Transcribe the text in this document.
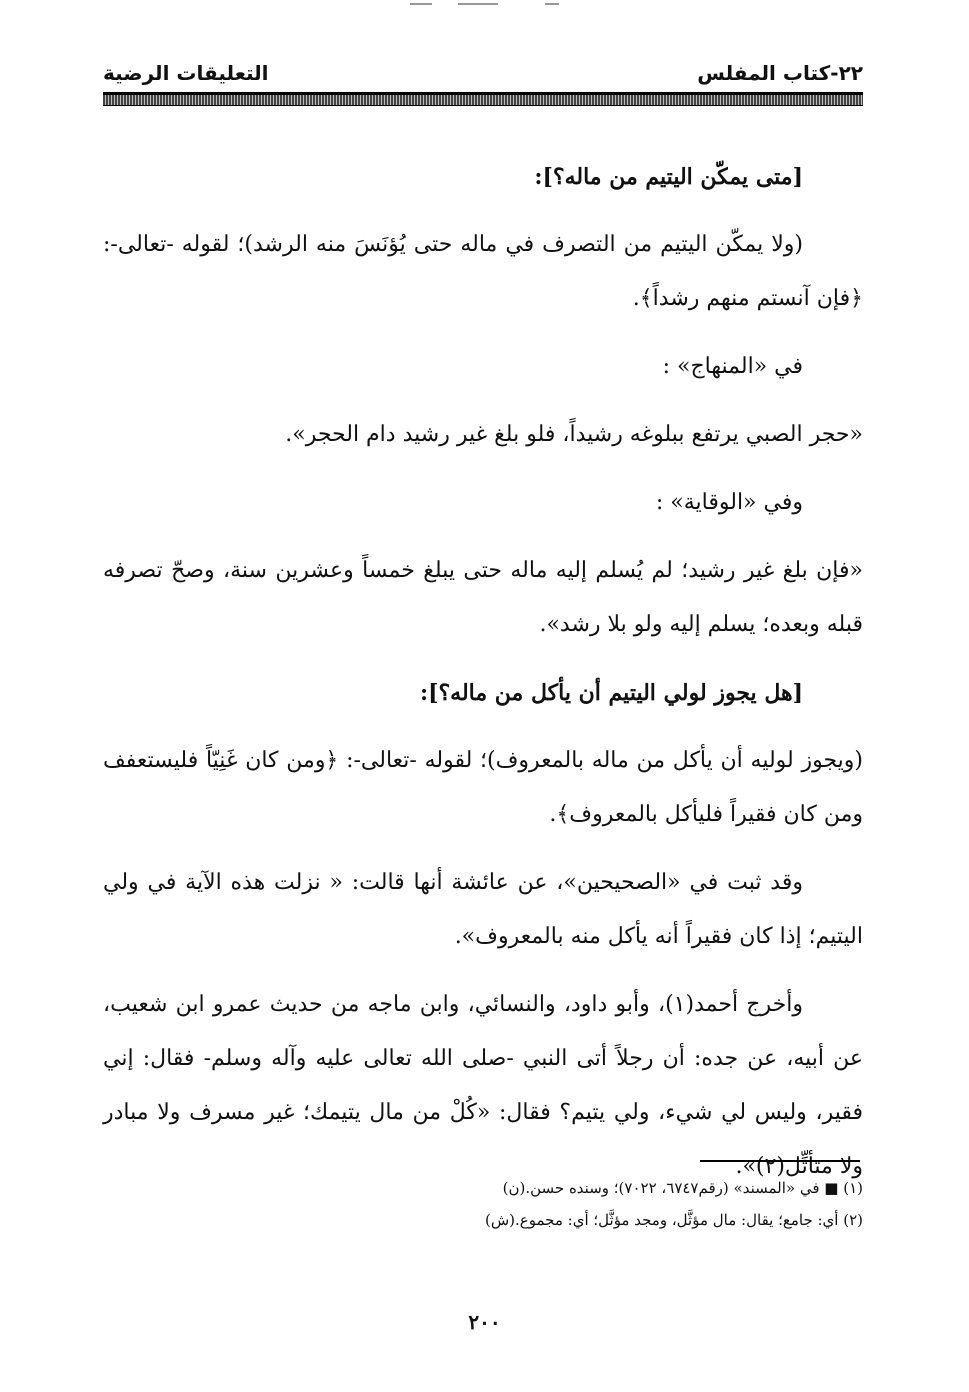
٢٢-كتاب المفلس
التعليقات الرضية

[متى يمكّن اليتيم من ماله؟]:

(ولا يمكّن اليتيم من التصرف في ماله حتى يُؤنَسَ منه الرشد)؛ لقوله -تعالى-: ﴿فإن آنستم منهم رشداً﴾.

في «المنهاج» :

«حجر الصبي يرتفع ببلوغه رشيداً، فلو بلغ غير رشيد دام الحجر».

وفي «الوقاية» :

«فإن بلغ غير رشيد؛ لم يُسلم إليه ماله حتى يبلغ خمساً وعشرين سنة، وصحّ تصرفه قبله وبعده؛ يسلم إليه ولو بلا رشد».

[هل يجوز لولي اليتيم أن يأكل من ماله؟]:

(ويجوز لوليه أن يأكل من ماله بالمعروف)؛ لقوله -تعالى-: ﴿ومن كان غَنِيّاً فليستعفف ومن كان فقيراً فليأكل بالمعروف﴾.

وقد ثبت في «الصحيحين»، عن عائشة أنها قالت: « نزلت هذه الآية في ولي اليتيم؛ إذا كان فقيراً أنه يأكل منه بالمعروف».

وأخرج أحمد(١)، وأبو داود، والنسائي، وابن ماجه من حديث عمرو ابن شعيب، عن أبيه، عن جده: أن رجلاً أتى النبي -صلى الله تعالى عليه وآله وسلم- فقال: إني فقير، وليس لي شيء، ولي يتيم؟ فقال: «كُلْ من مال يتيمك؛ غير مسرف ولا مبادر ولا متأثِّل(٢)».

(١) ■ في «المسند» (رقم٦٧٤٧، ٧٠٢٢)؛ وسنده حسن.(ن)

(٢) أي: جامع؛ يقال: مال مؤثَّل، ومجد مؤثَّل؛ أي: مجموع.(ش)

٢٠٠
